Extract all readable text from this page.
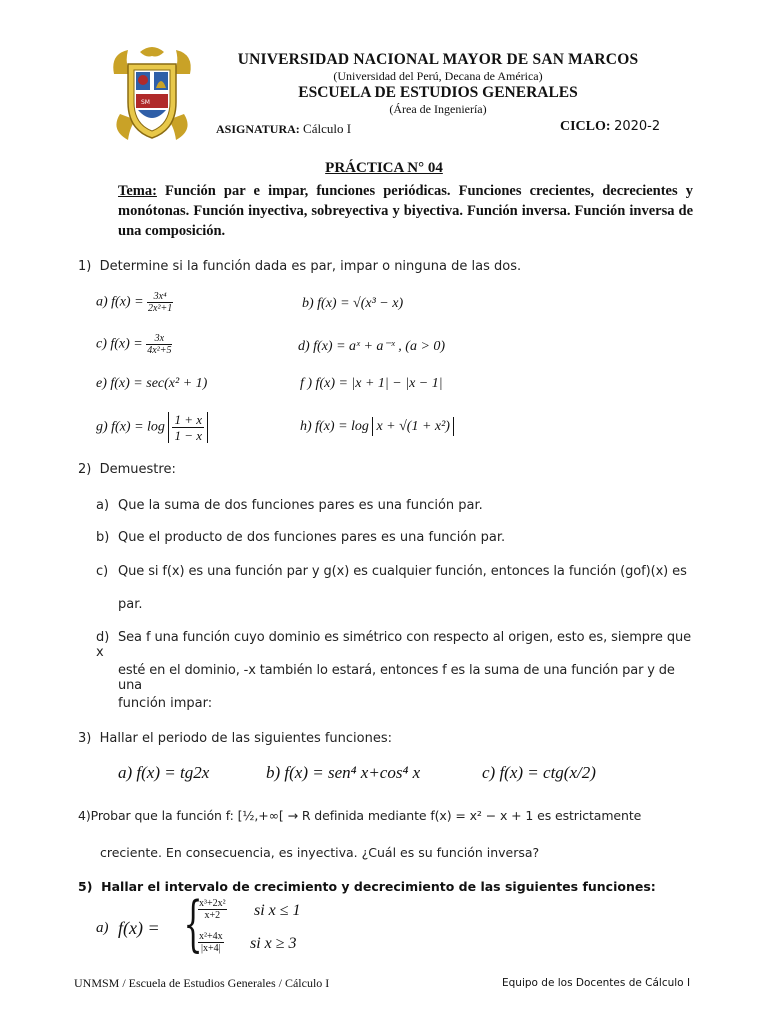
SM
UNIVERSIDAD NACIONAL MAYOR DE SAN MARCOS
(Universidad del Perú, Decana de América)
ESCUELA DE ESTUDIOS GENERALES
(Área de Ingeniería)
ASIGNATURA: Cálculo I	CICLO: 2020-2
PRÁCTICA N° 04
Tema: Función par e impar, funciones periódicas. Funciones crecientes, decrecientes y monótonas. Función inyectiva, sobreyectiva y biyectiva. Función inversa. Función inversa de una composición.
1) Determine si la función dada es par, impar o ninguna de las dos.
a) $f(x) = \frac{\text{3x⁴}}{\text{2x²+1}}$	b) f(x) = √(x³ − x)
c) $f(x) = \frac{3x}{\text{4x²+5}}$	d) f(x) = aˣ + a⁻ˣ , (a > 0)
e) f(x) = sec(x² + 1)	f ) f(x) = |x + 1| − |x − 1|
g) $f(x) = \log \frac{1 + x}{1 - x}$	h) f(x) = log x + √(1 + x²)
2) Demuestre:
a) Que la suma de dos funciones pares es una función par.
b) Que el producto de dos funciones pares es una función par.
c) Que si f(x) es una función par y g(x) es cualquier función, entonces la función (gof)(x) es
par.
d) Sea f una función cuyo dominio es simétrico con respecto al origen, esto es, siempre que x
esté en el dominio, -x también lo estará, entonces f es la suma de una función par y de una
función impar:
3) Hallar el periodo de las siguientes funciones:
a) f(x) = tg2x	b) f(x) = sen⁴ x+cos⁴ x	c) f(x) = ctg(x/2)
4)Probar que la función f: [½,+∞[ → R definida mediante f(x) = x² − x + 1 es estrictamente
creciente. En consecuencia, es inyectiva. ¿Cuál es su función inversa?
5) Hallar el intervalo de crecimiento y decrecimiento de las siguientes funciones:
a) f(x) = {
$\frac{\text{x³+2x²}}{x+2}$ si x ≤ 1
$\frac{\text{x²+4x}}{|x+4|}$ si x ≥ 3
UNMSM / Escuela de Estudios Generales / Cálculo I	Equipo de los Docentes de Cálculo I
